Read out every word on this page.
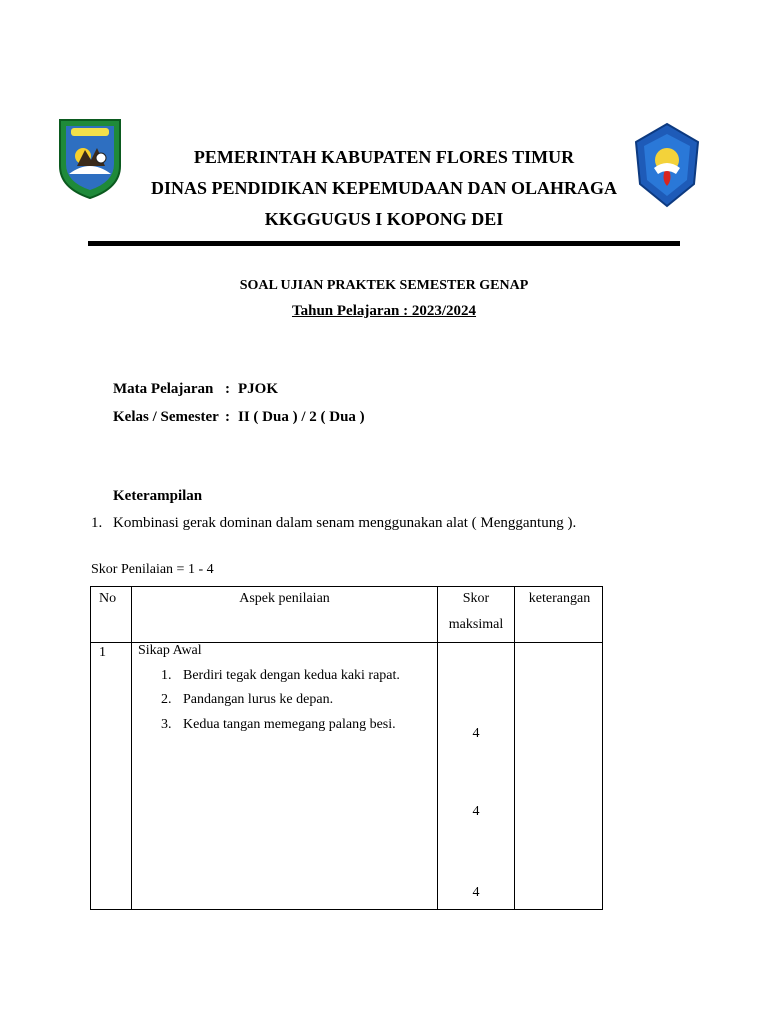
PEMERINTAH KABUPATEN FLORES TIMUR
DINAS PENDIDIKAN KEPEMUDAAN DAN OLAHRAGA
KKGGUGUS I KOPONG DEI
SOAL UJIAN PRAKTEK SEMESTER GENAP
Tahun Pelajaran : 2023/2024
Mata Pelajaran : PJOK
Kelas / Semester : II ( Dua ) / 2 ( Dua )
Keterampilan
1. Kombinasi gerak dominan dalam senam menggunakan alat ( Menggantung ).
Skor Penilaian = 1 - 4
No	Aspek penilaian	Skor
maksimal
keterangan
1 Sikap Awal
1. Berdiri tegak dengan kedua kaki rapat.
2. Pandangan lurus ke depan.
3. Kedua tangan memegang palang besi.
4
4
4
